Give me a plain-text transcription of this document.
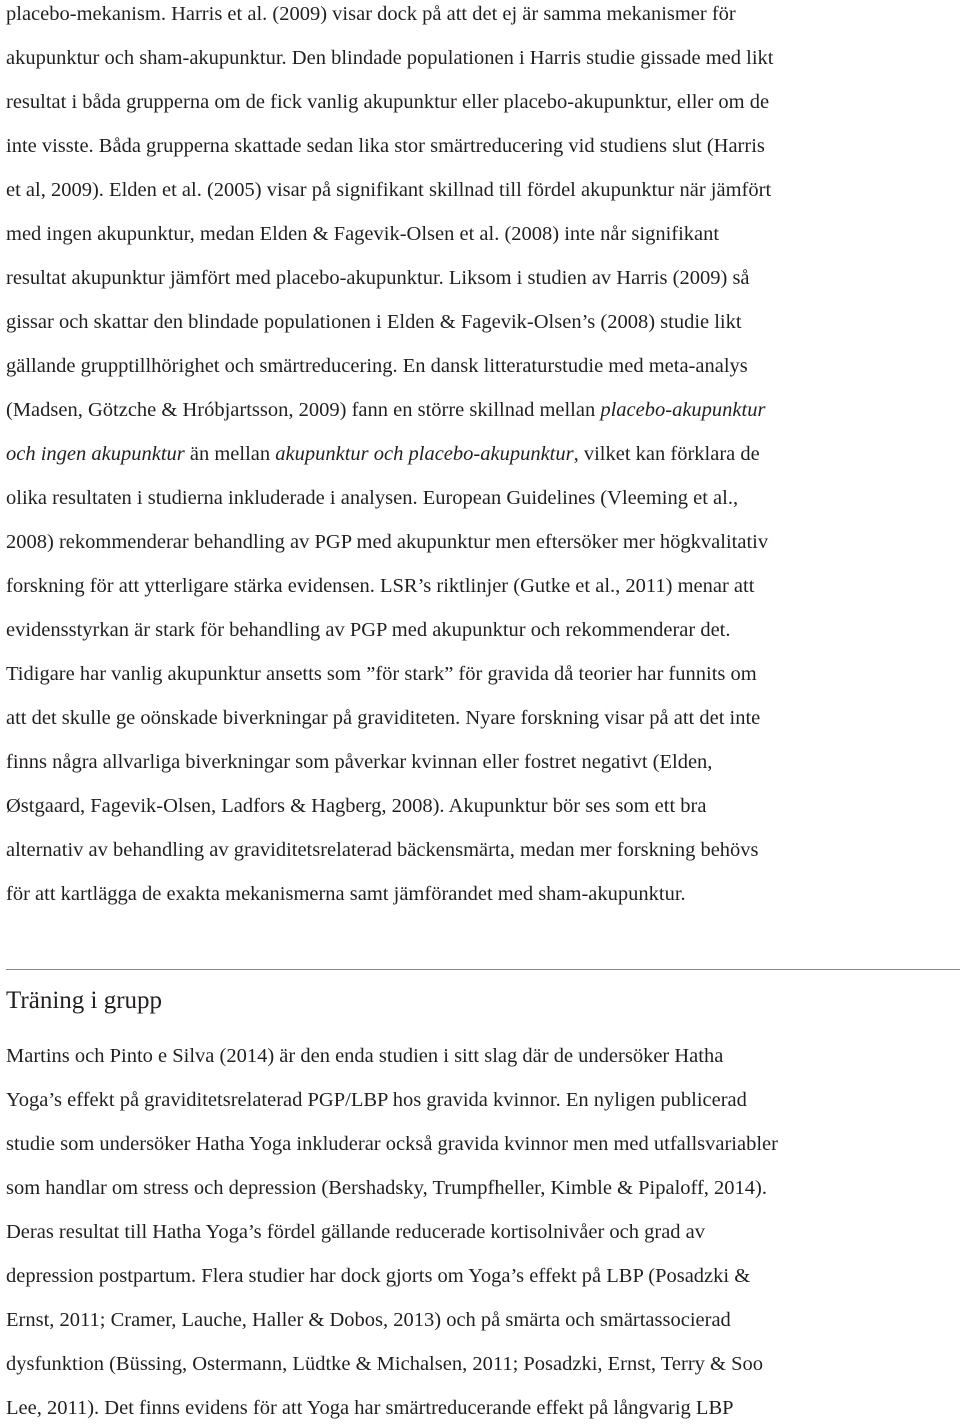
placebo-mekanism. Harris et al. (2009) visar dock på att det ej är samma mekanismer för
akupunktur och sham-akupunktur. Den blindade populationen i Harris studie gissade med likt
resultat i båda grupperna om de fick vanlig akupunktur eller placebo-akupunktur, eller om de
inte visste. Båda grupperna skattade sedan lika stor smärtreducering vid studiens slut (Harris
et al, 2009). Elden et al. (2005) visar på signifikant skillnad till fördel akupunktur när jämfört
med ingen akupunktur, medan Elden & Fagevik-Olsen et al. (2008) inte når signifikant
resultat akupunktur jämfört med placebo-akupunktur. Liksom i studien av Harris (2009) så
gissar och skattar den blindade populationen i Elden & Fagevik-Olsen’s (2008) studie likt
gällande grupptillhörighet och smärtreducering. En dansk litteraturstudie med meta-analys
(Madsen, Götzche & Hróbjartsson, 2009) fann en större skillnad mellan placebo-akupunktur
och ingen akupunktur än mellan akupunktur och placebo-akupunktur, vilket kan förklara de
olika resultaten i studierna inkluderade i analysen. European Guidelines (Vleeming et al.,
2008) rekommenderar behandling av PGP med akupunktur men eftersöker mer högkvalitativ
forskning för att ytterligare stärka evidensen. LSR’s riktlinjer (Gutke et al., 2011) menar att
evidensstyrkan är stark för behandling av PGP med akupunktur och rekommenderar det.
Tidigare har vanlig akupunktur ansetts som ”för stark” för gravida då teorier har funnits om
att det skulle ge oönskade biverkningar på graviditeten. Nyare forskning visar på att det inte
finns några allvarliga biverkningar som påverkar kvinnan eller fostret negativt (Elden,
Østgaard, Fagevik-Olsen, Ladfors & Hagberg, 2008). Akupunktur bör ses som ett bra
alternativ av behandling av graviditetsrelaterad bäckensmärta, medan mer forskning behövs
för att kartlägga de exakta mekanismerna samt jämförandet med sham-akupunktur.
Träning i grupp
Martins och Pinto e Silva (2014) är den enda studien i sitt slag där de undersöker Hatha
Yoga’s effekt på graviditetsrelaterad PGP/LBP hos gravida kvinnor. En nyligen publicerad
studie som undersöker Hatha Yoga inkluderar också gravida kvinnor men med utfallsvariabler
som handlar om stress och depression (Bershadsky, Trumpfheller, Kimble & Pipaloff, 2014).
Deras resultat till Hatha Yoga’s fördel gällande reducerade kortisolnivåer och grad av
depression postpartum. Flera studier har dock gjorts om Yoga’s effekt på LBP (Posadzki &
Ernst, 2011; Cramer, Lauche, Haller & Dobos, 2013) och på smärta och smärtassocierad
dysfunktion (Büssing, Ostermann, Lüdtke & Michalsen, 2011; Posadzki, Ernst, Terry & Soo
Lee, 2011). Det finns evidens för att Yoga har smärtreducerande effekt på långvarig LBP
